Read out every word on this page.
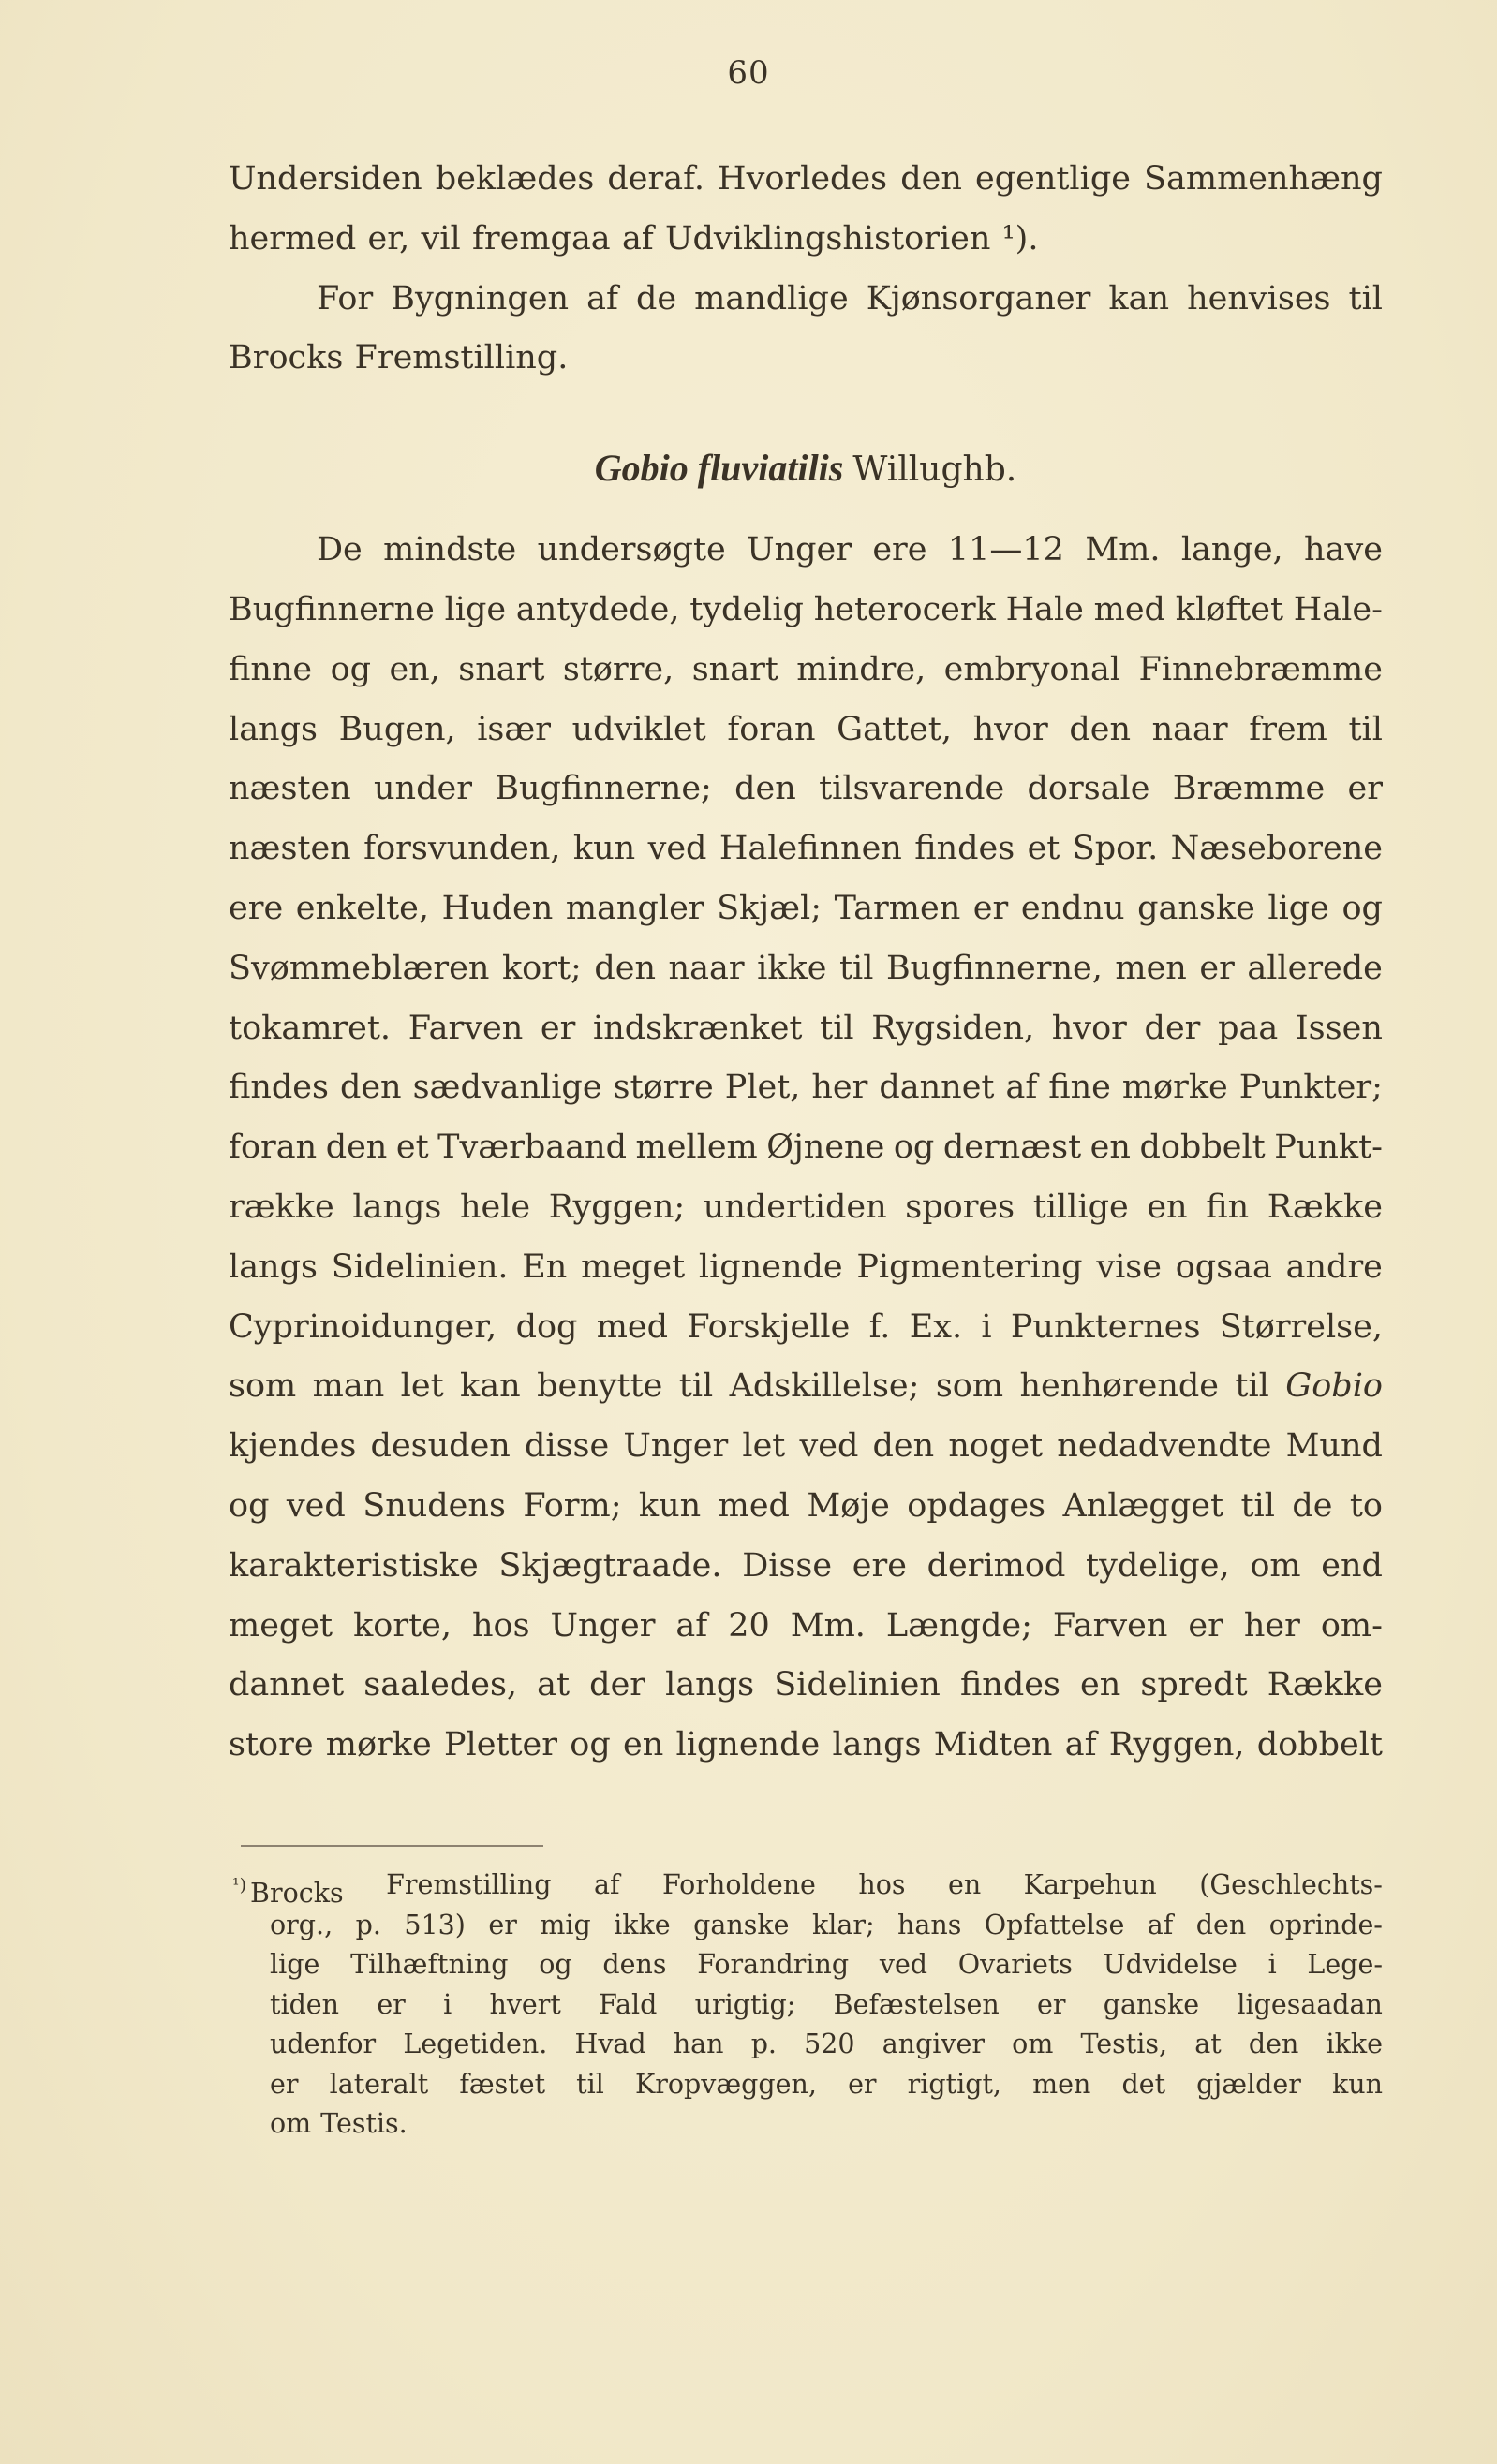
60
Undersiden beklædes deraf. Hvorledes den egentlige Sammenhæng
hermed er, vil fremgaa af Udviklingshistorien ¹).
For Bygningen af de mandlige Kjønsorganer kan henvises til
Brocks Fremstilling.
Gobio fluviatilis Willughb.
De mindste undersøgte Unger ere 11—12 Mm. lange, have
Bugfinnerne lige antydede, tydelig heterocerk Hale med kløftet Hale-
finne og en, snart større, snart mindre, embryonal Finnebræmme
langs Bugen, især udviklet foran Gattet, hvor den naar frem til
næsten under Bugfinnerne; den tilsvarende dorsale Bræmme er
næsten forsvunden, kun ved Halefinnen findes et Spor. Næseborene
ere enkelte, Huden mangler Skjæl; Tarmen er endnu ganske lige og
Svømmeblæren kort; den naar ikke til Bugfinnerne, men er allerede
tokamret. Farven er indskrænket til Rygsiden, hvor der paa Issen
findes den sædvanlige større Plet, her dannet af fine mørke Punkter;
foran den et Tværbaand mellem Øjnene og dernæst en dobbelt Punkt-
række langs hele Ryggen; undertiden spores tillige en fin Række
langs Sidelinien. En meget lignende Pigmentering vise ogsaa andre
Cyprinoidunger, dog med Forskjelle f. Ex. i Punkternes Størrelse,
som man let kan benytte til Adskillelse; som henhørende til Gobio
kjendes desuden disse Unger let ved den noget nedadvendte Mund
og ved Snudens Form; kun med Møje opdages Anlægget til de to
karakteristiske Skjægtraade. Disse ere derimod tydelige, om end
meget korte, hos Unger af 20 Mm. Længde; Farven er her om-
dannet saaledes, at der langs Sidelinien findes en spredt Række
store mørke Pletter og en lignende langs Midten af Ryggen, dobbelt
$^{^1)}$ Brocks Fremstilling af Forholdene hos en Karpehun (Geschlechts-
org., p. 513) er mig ikke ganske klar; hans Opfattelse af den oprinde-
lige Tilhæftning og dens Forandring ved Ovariets Udvidelse i Lege-
tiden er i hvert Fald urigtig; Befæstelsen er ganske ligesaadan
udenfor Legetiden. Hvad han p. 520 angiver om Testis, at den ikke
er lateralt fæstet til Kropvæggen, er rigtigt, men det gjælder kun
om Testis.
